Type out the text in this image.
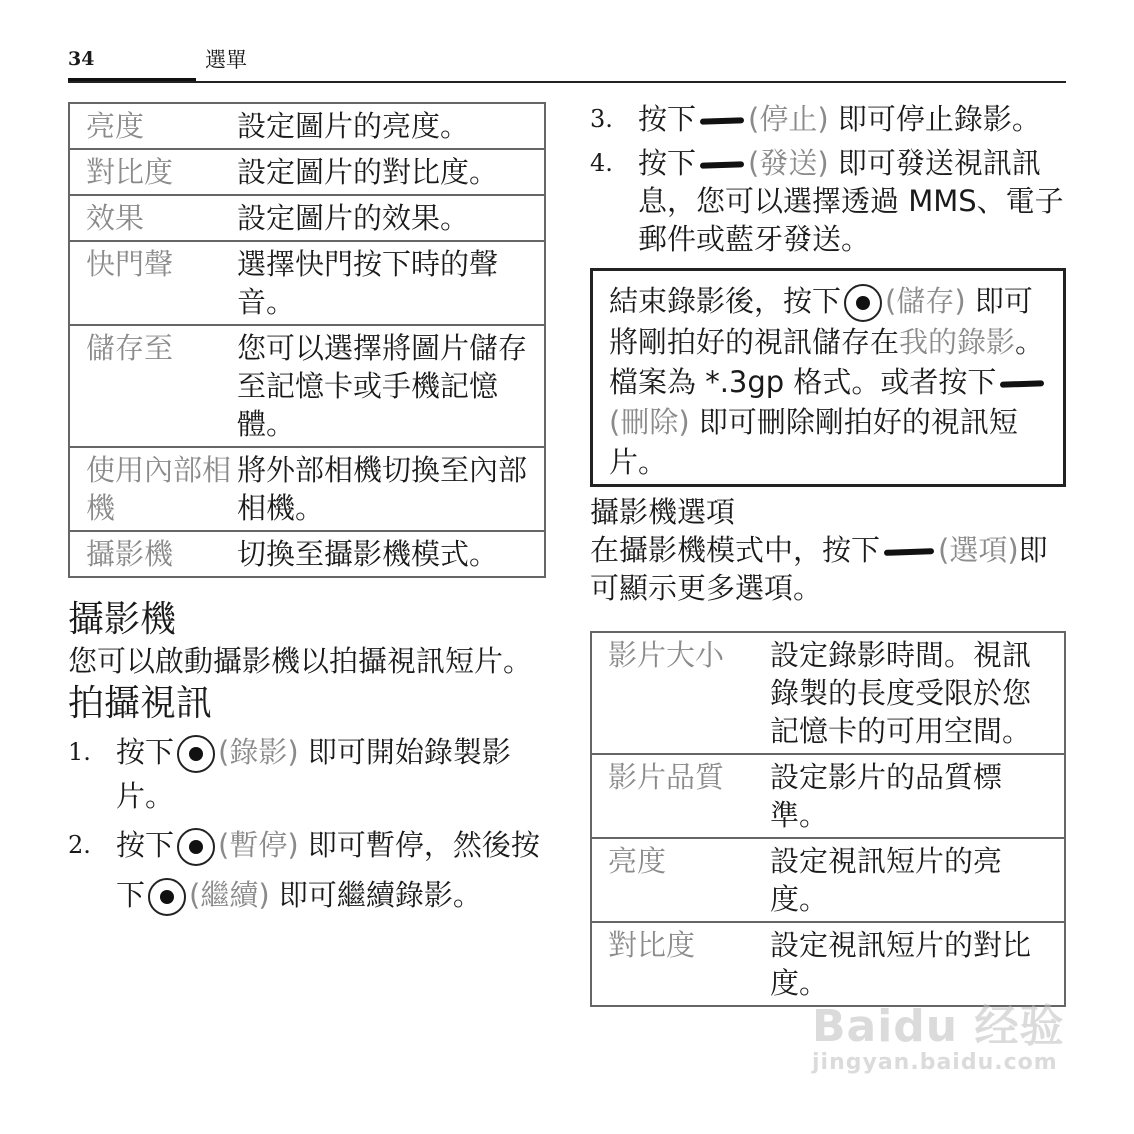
34	選單
亮度	設定圖片的亮度。
對比度	設定圖片的對比度。
效果	設定圖片的效果。
快門聲	選擇快門按下時的聲音。
儲存至	您可以選擇將圖片儲存至記憶卡或手機記憶體。
使用內部相機	將外部相機切換至內部相機。
攝影機	切換至攝影機模式。
攝影機
您可以啟動攝影機以拍攝視訊短片。
拍攝視訊
1. 按下 (錄影) 即可開始錄製影片。
2. 按下 (暫停) 即可暫停，然後按下 (繼續) 即可繼續錄影。
3. 按下 (停止) 即可停止錄影。
4. 按下 (發送) 即可發送視訊訊息，您可以選擇透過 MMS、電子郵件或藍牙發送。
結束錄影後，按下 (儲存) 即可將剛拍好的視訊儲存在我的錄影。檔案為 *.3gp 格式。或者按下(刪除) 即可刪除剛拍好的視訊短片。
攝影機選項
在攝影機模式中，按下 (選項)即可顯示更多選項。
影片大小	設定錄影時間。視訊錄製的長度受限於您記憶卡的可用空間。
影片品質	設定影片的品質標準。
亮度	設定視訊短片的亮度。
對比度	設定視訊短片的對比度。
Baidu 经验
jingyan.baidu.com
